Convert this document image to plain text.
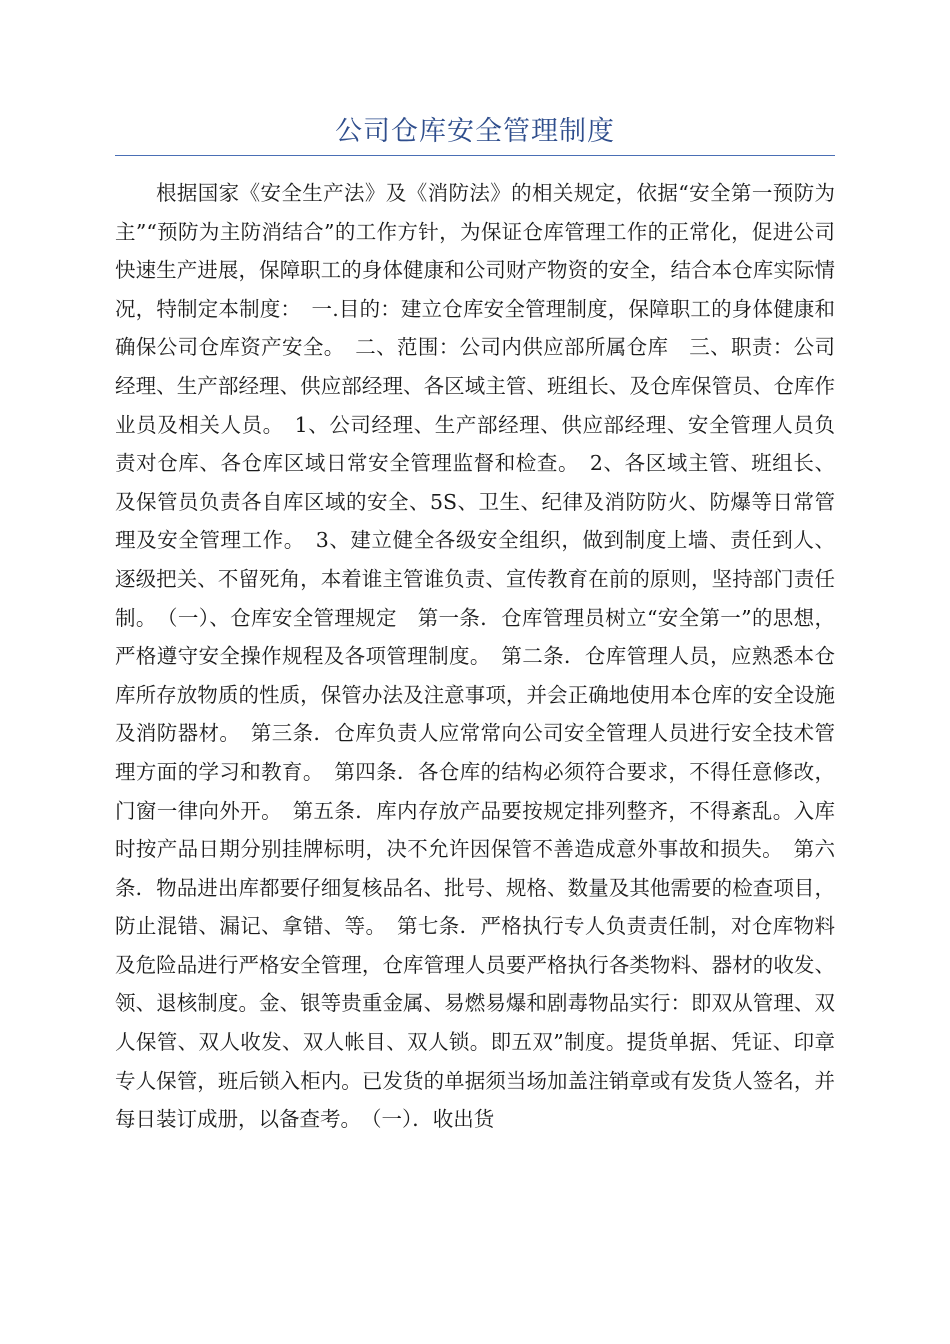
公司仓库安全管理制度

根据国家《安全生产法》及《消防法》的相关规定，依据“安全第一预防为主”“预防为主防消结合”的工作方针，为保证仓库管理工作的正常化，促进公司快速生产进展，保障职工的身体健康和公司财产物资的安全，结合本仓库实际情况，特制定本制度：　一.目的：建立仓库安全管理制度，保障职工的身体健康和确保公司仓库资产安全。　二、范围：公司内供应部所属仓库　三、职责：公司经理、生产部经理、供应部经理、各区域主管、班组长、及仓库保管员、仓库作业员及相关人员。　1、公司经理、生产部经理、供应部经理、安全管理人员负责对仓库、各仓库区域日常安全管理监督和检查。　2、各区域主管、班组长、及保管员负责各自库区域的安全、5S、卫生、纪律及消防防火、防爆等日常管理及安全管理工作。　3、建立健全各级安全组织，做到制度上墙、责任到人、逐级把关、不留死角，本着谁主管谁负责、宣传教育在前的原则，坚持部门责任制。　（一）、仓库安全管理规定　第一条．仓库管理员树立“安全第一”的思想，严格遵守安全操作规程及各项管理制度。　第二条．仓库管理人员，应熟悉本仓库所存放物质的性质，保管办法及注意事项，并会正确地使用本仓库的安全设施及消防器材。　第三条．仓库负责人应常常向公司安全管理人员进行安全技术管理方面的学习和教育。　第四条．各仓库的结构必须符合要求，不得任意修改，门窗一律向外开。　第五条．库内存放产品要按规定排列整齐，不得紊乱。入库时按产品日期分别挂牌标明，决不允许因保管不善造成意外事故和损失。　第六条．物品进出库都要仔细复核品名、批号、规格、数量及其他需要的检查项目，防止混错、漏记、拿错、等。　第七条．严格执行专人负责责任制，对仓库物料及危险品进行严格安全管理，仓库管理人员要严格执行各类物料、器材的收发、领、退核制度。金、银等贵重金属、易燃易爆和剧毒物品实行：即双从管理、双人保管、双人收发、双人帐目、双人锁。即五双”制度。提货单据、凭证、印章专人保管，班后锁入柜内。已发货的单据须当场加盖注销章或有发货人签名，并每日装订成册，以备查考。　（一）．收出货
